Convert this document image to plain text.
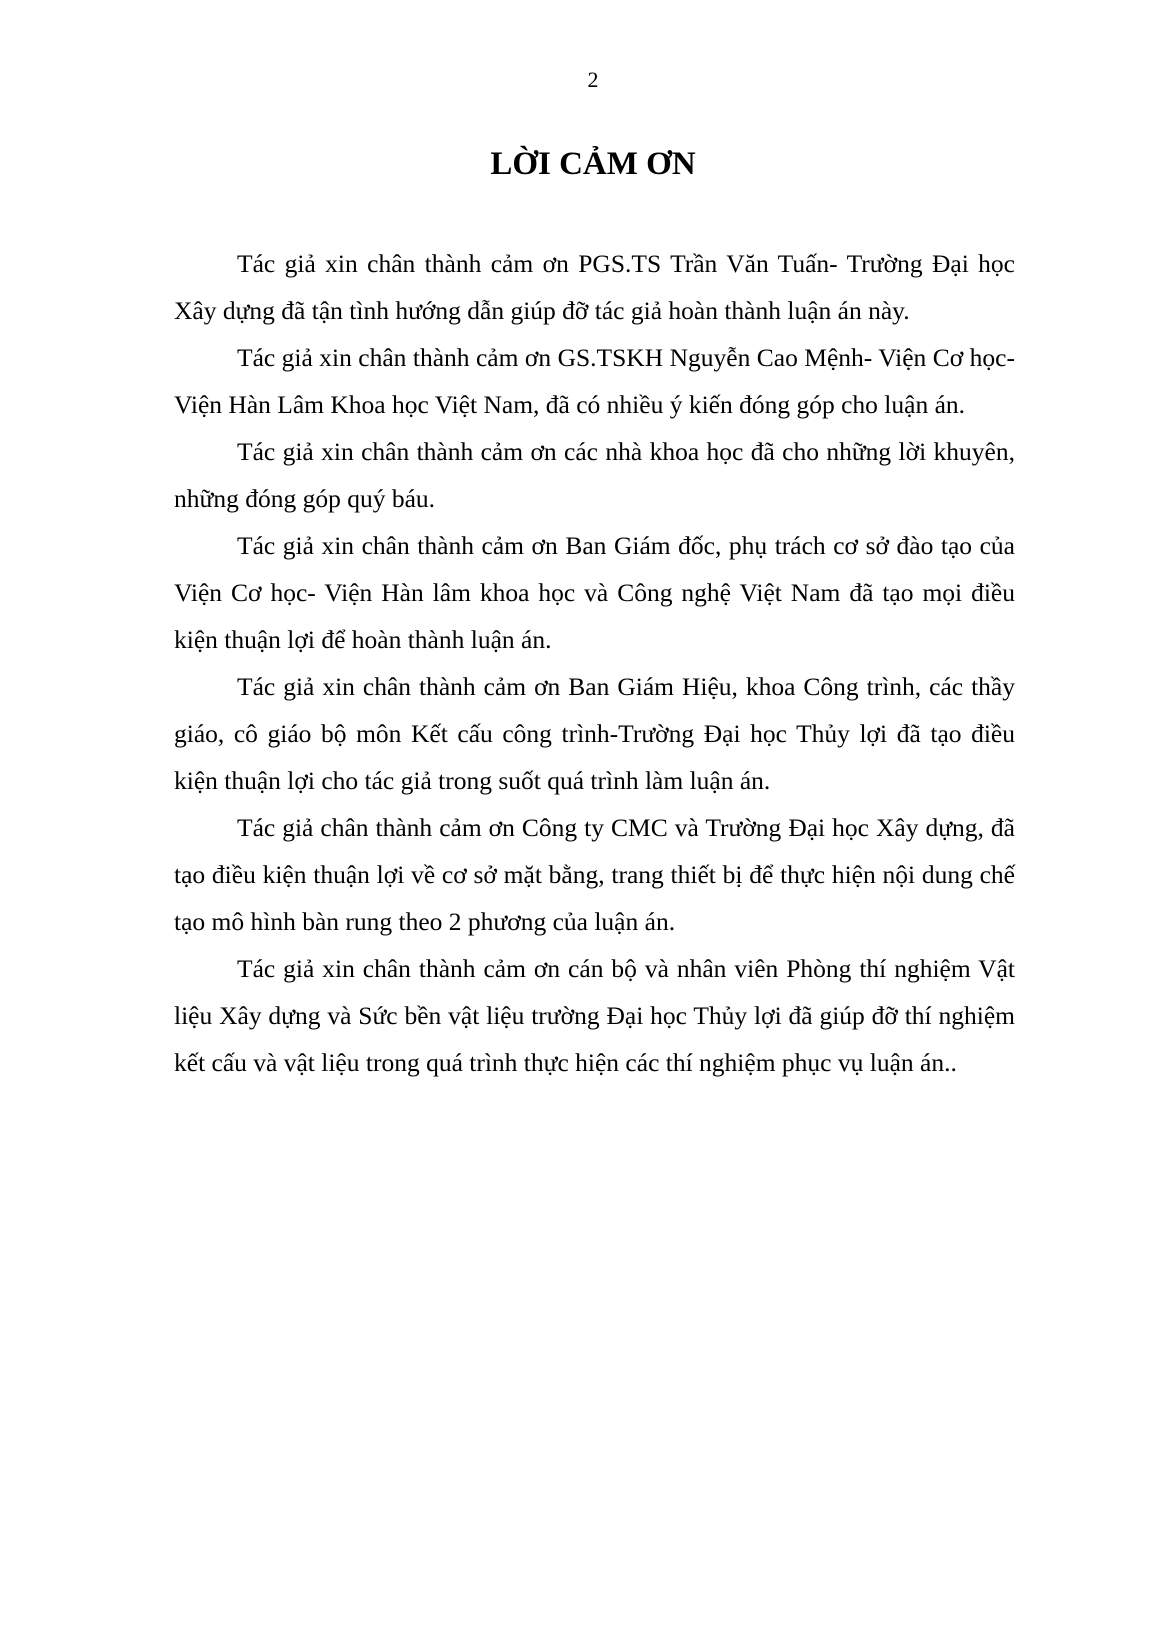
2
LỜI CẢM ƠN

Tác giả xin chân thành cảm ơn PGS.TS Trần Văn Tuấn- Trường Đại học Xây dựng đã tận tình hướng dẫn giúp đỡ tác giả hoàn thành luận án này.

Tác giả xin chân thành cảm ơn GS.TSKH Nguyễn Cao Mệnh- Viện Cơ học- Viện Hàn Lâm Khoa học Việt Nam, đã có nhiều ý kiến đóng góp cho luận án.

Tác giả xin chân thành cảm ơn các nhà khoa học đã cho những lời khuyên, những đóng góp quý báu.

Tác giả xin chân thành cảm ơn Ban Giám đốc, phụ trách cơ sở đào tạo của Viện Cơ học- Viện Hàn lâm khoa học và Công nghệ Việt Nam đã tạo mọi điều kiện thuận lợi để hoàn thành luận án.

Tác giả xin chân thành cảm ơn Ban Giám Hiệu, khoa Công trình, các thầy giáo, cô giáo bộ môn Kết cấu công trình-Trường Đại học Thủy lợi đã tạo điều kiện thuận lợi cho tác giả trong suốt quá trình làm luận án.

Tác giả chân thành cảm ơn Công ty CMC và Trường Đại học Xây dựng, đã tạo điều kiện thuận lợi về cơ sở mặt bằng, trang thiết bị để thực hiện nội dung chế tạo mô hình bàn rung theo 2 phương của luận án.

Tác giả xin chân thành cảm ơn cán bộ và nhân viên Phòng thí nghiệm Vật liệu Xây dựng và Sức bền vật liệu trường Đại học Thủy lợi đã giúp đỡ thí nghiệm kết cấu và vật liệu trong quá trình thực hiện các thí nghiệm phục vụ luận án..
